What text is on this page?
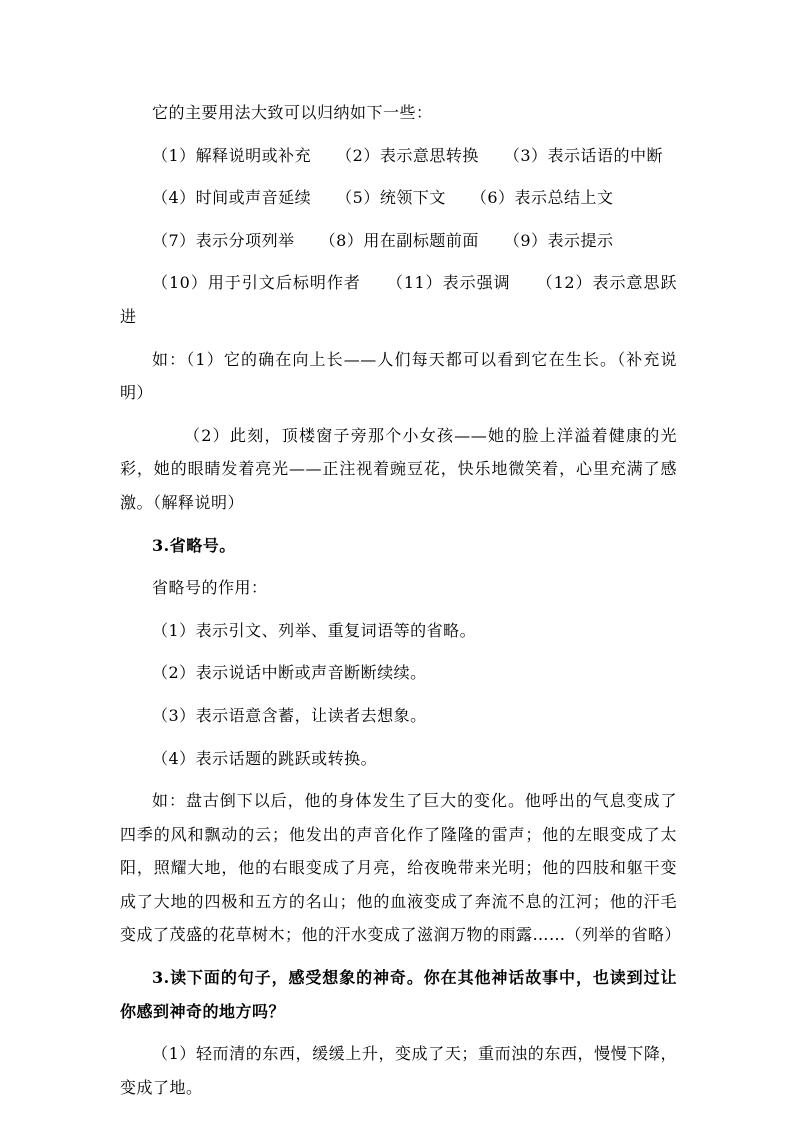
它的主要用法大致可以归纳如下一些：

（1）解释说明或补充　　（2）表示意思转换　　（3）表示话语的中断

（4）时间或声音延续　　（5）统领下文　　（6）表示总结上文

（7）表示分项列举　　（8）用在副标题前面　　（9）表示提示

（10）用于引文后标明作者　　（11）表示强调　　（12）表示意思跃进

如：（1）它的确在向上长——人们每天都可以看到它在生长。（补充说明）

（2）此刻，顶楼窗子旁那个小女孩——她的脸上洋溢着健康的光彩，她的眼睛发着亮光——正注视着豌豆花，快乐地微笑着，心里充满了感激。（解释说明）

3.省略号。

省略号的作用：

（1）表示引文、列举、重复词语等的省略。

（2）表示说话中断或声音断断续续。

（3）表示语意含蓄，让读者去想象。

（4）表示话题的跳跃或转换。

如：盘古倒下以后，他的身体发生了巨大的变化。他呼出的气息变成了四季的风和飘动的云；他发出的声音化作了隆隆的雷声；他的左眼变成了太阳，照耀大地，他的右眼变成了月亮，给夜晚带来光明；他的四肢和躯干变成了大地的四极和五方的名山；他的血液变成了奔流不息的江河；他的汗毛变成了茂盛的花草树木；他的汗水变成了滋润万物的雨露……（列举的省略）

3.读下面的句子，感受想象的神奇。你在其他神话故事中，也读到过让你感到神奇的地方吗？

（1）轻而清的东西，缓缓上升，变成了天；重而浊的东西，慢慢下降，变成了地。
